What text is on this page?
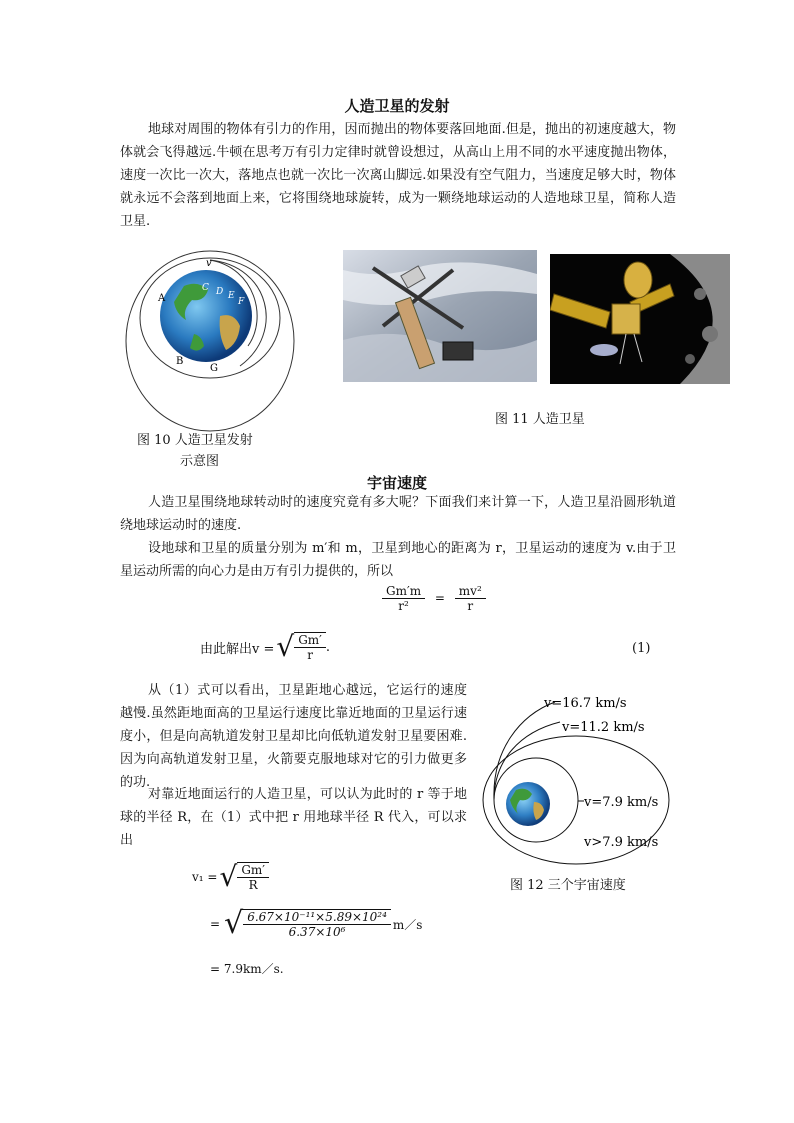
人造卫星的发射
地球对周围的物体有引力的作用，因而抛出的物体要落回地面.但是，抛出的初速度越大，物体就会飞得越远.牛顿在思考万有引力定律时就曾设想过，从高山上用不同的水平速度抛出物体，速度一次比一次大，落地点也就一次比一次离山脚远.如果没有空气阻力，当速度足够大时，物体就永远不会落到地面上来，它将围绕地球旋转，成为一颗绕地球运动的人造地球卫星，简称人造卫星.
v
A
B
C D E
F
G
图 10 人造卫星发射
示意图
图 11 人造卫星
宇宙速度
人造卫星围绕地球转动时的速度究竟有多大呢？下面我们来计算一下，人造卫星沿圆形轨道绕地球运动时的速度.
设地球和卫星的质量分别为 m′和 m，卫星到地心的距离为 r，卫星运动的速度为 v.由于卫星运动所需的向心力是由万有引力提供的，所以
$\frac{Gm'm}{\text{r²}} = \frac{\text{mv²}}{r}$
由此解出v = √ $\frac{Gm'}{r}$ .	(1)
从（1）式可以看出，卫星距地心越远，它运行的速度越慢.虽然距地面高的卫星运行速度比靠近地面的卫星运行速度小，但是向高轨道发射卫星却比向低轨道发射卫星要困难.因为向高轨道发射卫星，火箭要克服地球对它的引力做更多的功.
对靠近地面运行的人造卫星，可以认为此时的 r 等于地球的半径 R，在（1）式中把 r 用地球半径 R 代入，可以求出
v₁ = √ $\frac{Gm'}{R}$
= √ $\frac{\text{6.67×10⁻¹¹×5.89×10²⁴}}{\text{6.37×10⁶}}$ m／s
= 7.9km／s.
v=16.7 km/s
v=11.2 km/s
v=7.9 km/s
v>7.9 km/s
图 12 三个宇宙速度
